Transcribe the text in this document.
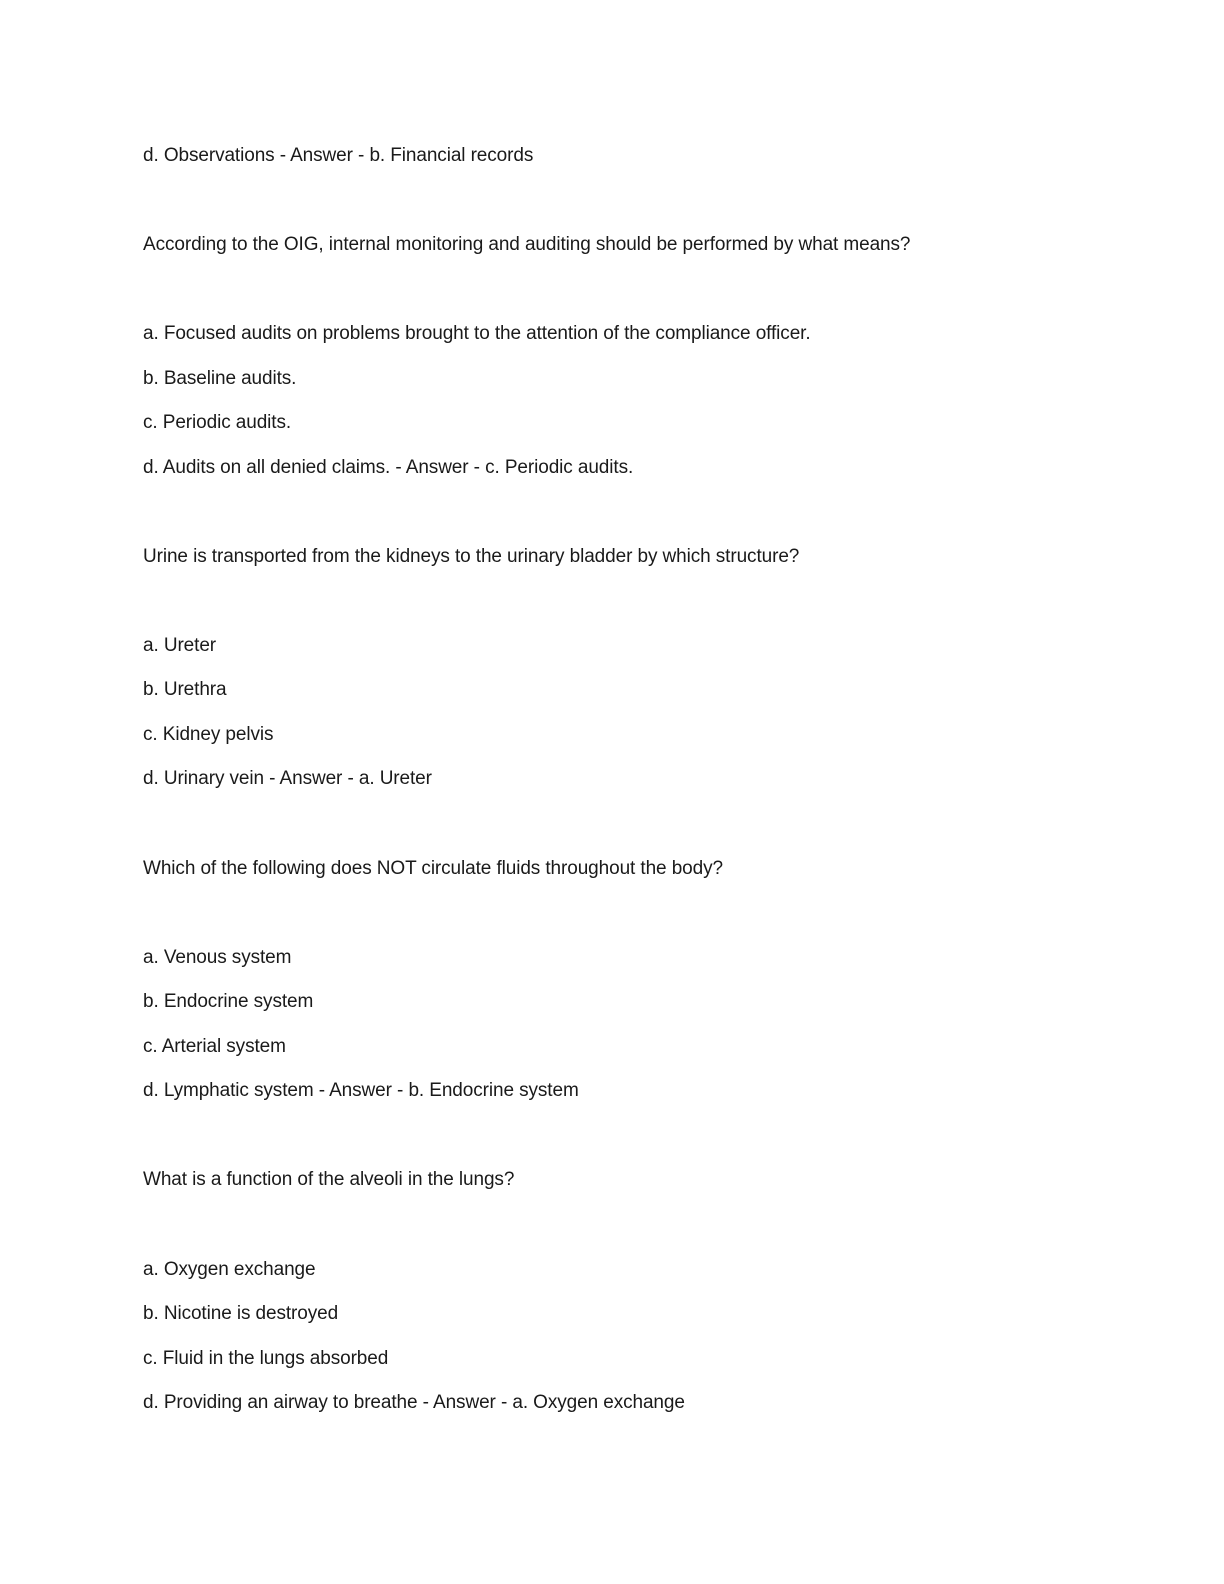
d. Observations - Answer - b. Financial records
According to the OIG, internal monitoring and auditing should be performed by what means?
a. Focused audits on problems brought to the attention of the compliance officer.
b. Baseline audits.
c. Periodic audits.
d. Audits on all denied claims. - Answer - c. Periodic audits.
Urine is transported from the kidneys to the urinary bladder by which structure?
a. Ureter
b. Urethra
c. Kidney pelvis
d. Urinary vein - Answer - a. Ureter
Which of the following does NOT circulate fluids throughout the body?
a. Venous system
b. Endocrine system
c. Arterial system
d. Lymphatic system - Answer - b. Endocrine system
What is a function of the alveoli in the lungs?
a. Oxygen exchange
b. Nicotine is destroyed
c. Fluid in the lungs absorbed
d. Providing an airway to breathe - Answer - a. Oxygen exchange
